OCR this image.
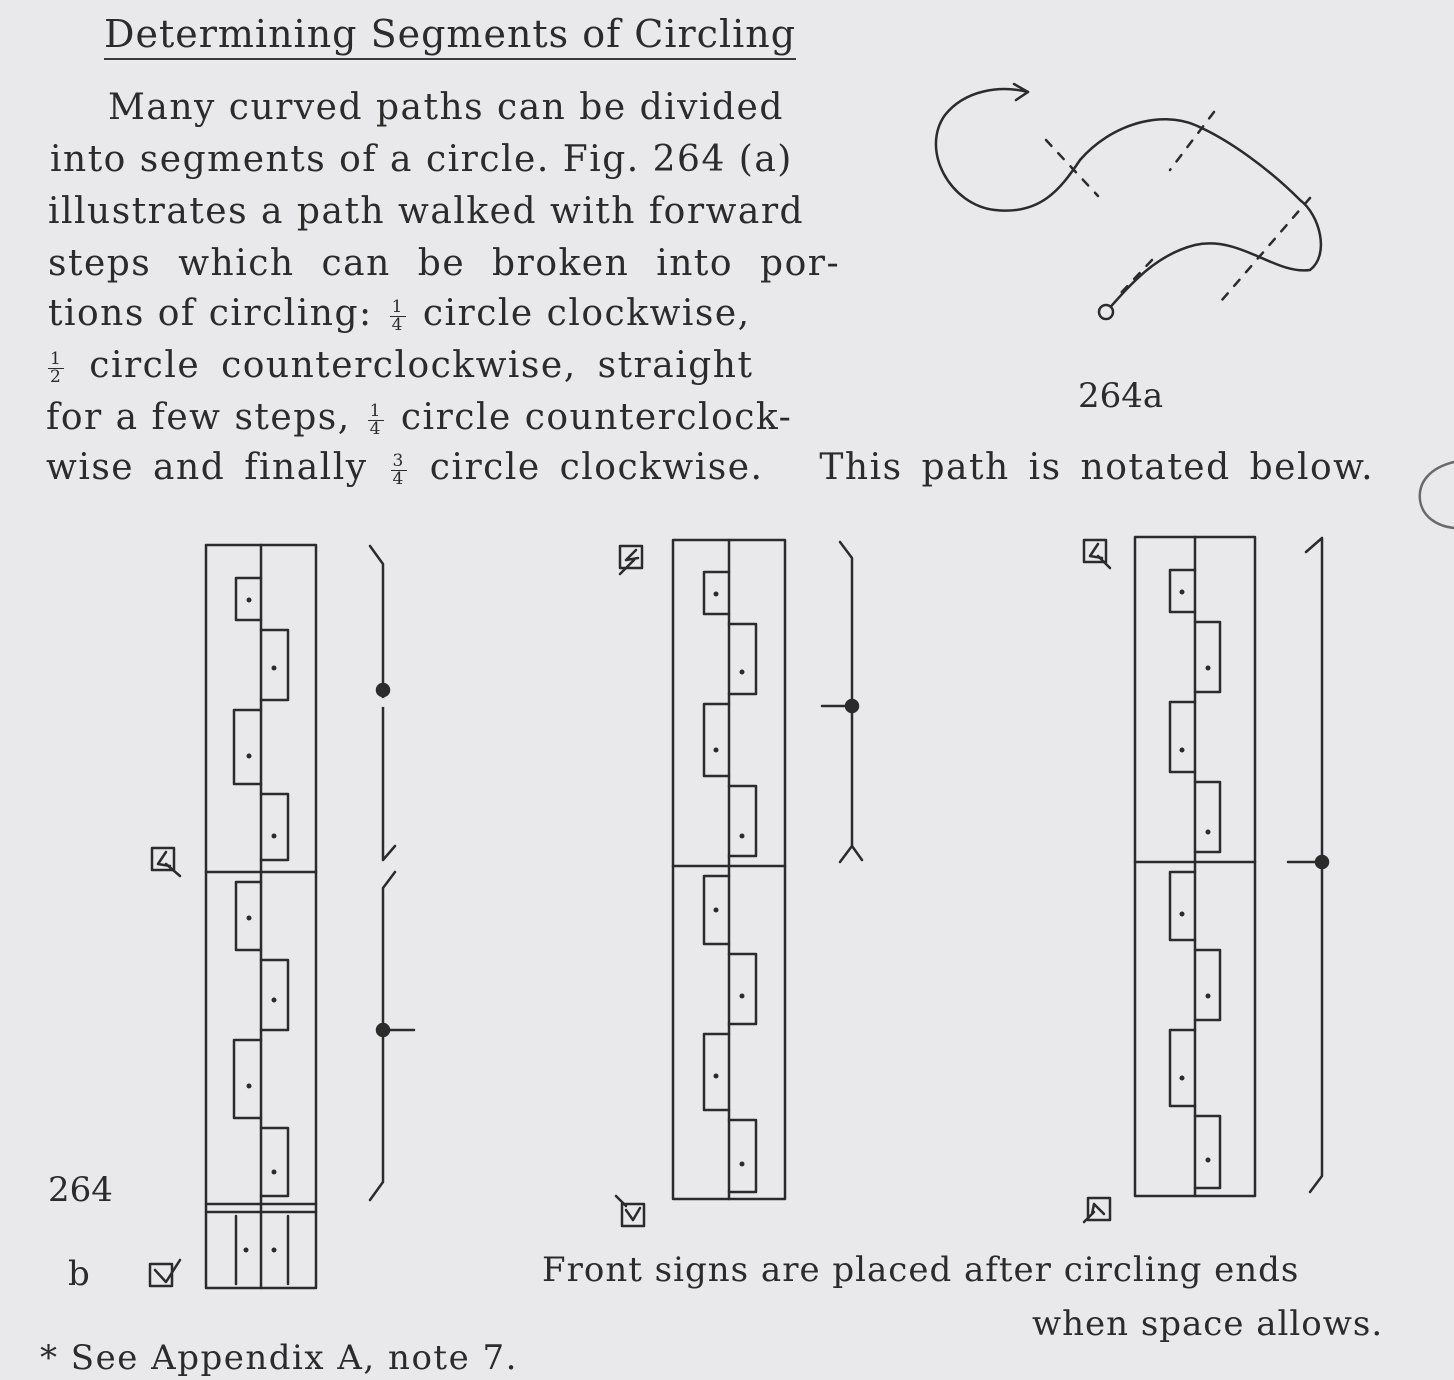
Determining Segments of Circling
Many curved paths can be divided
into segments of a circle. Fig. 264 (a)
illustrates a path walked with forward
steps which can be broken into por-
tions of circling: $\frac{1}{4}$ circle clockwise,
$\frac{1}{2}$ circle counterclockwise, straight
for a few steps, $\frac{1}{4}$ circle counterclock-
wise and finally $\frac{3}{4}$ circle clockwise. This path is notated below.
264a
264
b	Front signs are placed after circling ends
when space allows.
* See Appendix A, note 7.
